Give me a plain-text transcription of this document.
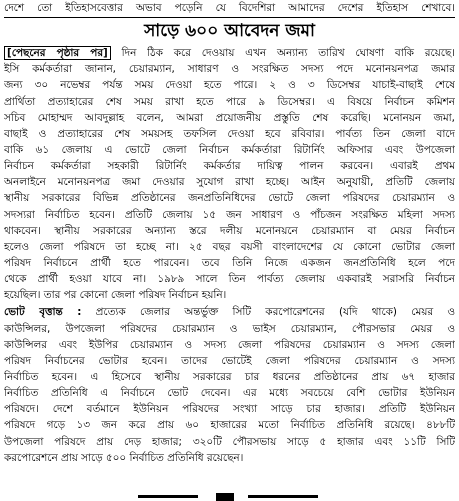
দেশে তো ইতিহাসবেত্তার অভাব পড়েনি যে বিদেশিরা আমাদের দেশের ইতিহাস শেখাবে।
সাড়ে ৬০০ আবেদন জমা
[পেছনের পৃষ্ঠার পর] দিন ঠিক করে দেওয়ায় এখন অন্যান্য তারিখ ঘোষণা বাকি রয়েছে।
ইসি কর্মকর্তারা জানান, চেয়ারম্যান, সাধারণ ও সংরক্ষিত সদস্য পদে মনোনয়নপত্র জমার
জন্য ৩০ নভেম্বর পর্যন্ত সময় দেওয়া হতে পারে। ২ ও ৩ ডিসেম্বর যাচাই-বাছাই শেষে
প্রার্থিতা প্রত্যাহারের শেষ সময় রাখা হতে পারে ৯ ডিসেম্বর। এ বিষয়ে নির্বাচন কমিশন
সচিব মোহাম্মদ আবদুল্লাহ বলেন, আমরা প্রয়োজনীয় প্রস্তুতি শেষ করেছি। মনোনয়ন জমা,
বাছাই ও প্রত্যাহারের শেষ সময়সহ তফসিল দেওয়া হবে রবিবার। পার্বত্য তিন জেলা বাদে
বাকি ৬১ জেলায় এ ভোটে জেলা নির্বাচন কর্মকর্তারা রিটার্নিং অফিসার এবং উপজেলা
নির্বাচন কর্মকর্তারা সহকারী রিটার্নিং কর্মকর্তার দায়িত্ব পালন করবেন। এবারই প্রথম
অনলাইনে মনোনয়নপত্র জমা দেওয়ার সুযোগ রাখা হচ্ছে। আইন অনুযায়ী, প্রতিটি জেলায়
স্থানীয় সরকারের বিভিন্ন প্রতিষ্ঠানের জনপ্রতিনিধিদের ভোটে জেলা পরিষদের চেয়ারম্যান ও
সদস্যরা নির্বাচিত হবেন। প্রতিটি জেলায় ১৫ জন সাধারণ ও পাঁচজন সংরক্ষিত মহিলা সদস্য
থাকবেন। স্থানীয় সরকারের অন্যান্য স্তরে দলীয় মনোনয়নে চেয়ারম্যান বা মেয়র নির্বাচন
হলেও জেলা পরিষদে তা হচ্ছে না। ২৫ বছর বয়সী বাংলাদেশের যে কোনো ভোটার জেলা
পরিষদ নির্বাচনে প্রার্থী হতে পারবেন। তবে তিনি নিজে একজন জনপ্রতিনিধি হলে পদে
থেকে প্রার্থী হওয়া যাবে না। ১৯৮৯ সালে তিন পার্বত্য জেলায় একবারই সরাসরি নির্বাচন
হয়েছিল। তার পর কোনো জেলা পরিষদ নির্বাচন হয়নি।
ভোট বৃত্তান্ত : প্রত্যেক জেলার অন্তর্ভুক্ত সিটি করপোরেশনের (যদি থাকে) মেয়র ও
কাউন্সিলর, উপজেলা পরিষদের চেয়ারম্যান ও ভাইস চেয়ারম্যান, পৌরসভার মেয়র ও
কাউন্সিলর এবং ইউপির চেয়ারম্যান ও সদস্য জেলা পরিষদের চেয়ারম্যান ও সদস্য জেলা
পরিষদ নির্বাচনের ভোটার হবেন। তাদের ভোটেই জেলা পরিষদের চেয়ারম্যান ও সদস্য
নির্বাচিত হবেন। এ হিসেবে স্থানীয় সরকারের চার ধরনের প্রতিষ্ঠানের প্রায় ৬৭ হাজার
নির্বাচিত প্রতিনিধি এ নির্বাচনে ভোট দেবেন। এর মধ্যে সবচেয়ে বেশি ভোটার ইউনিয়ন
পরিষদে। দেশে বর্তমানে ইউনিয়ন পরিষদের সংখ্যা সাড়ে চার হাজার। প্রতিটি ইউনিয়ন
পরিষদে গড়ে ১৩ জন করে প্রায় ৬০ হাজারের মতো নির্বাচিত প্রতিনিধি রয়েছে। ৪৮৮টি
উপজেলা পরিষদে প্রায় দেড় হাজার; ৩২০টি পৌরসভায় সাড়ে ৫ হাজার এবং ১১টি সিটি
করপোরেশনে প্রায় সাড়ে ৫০০ নির্বাচিত প্রতিনিধি রয়েছেন।
